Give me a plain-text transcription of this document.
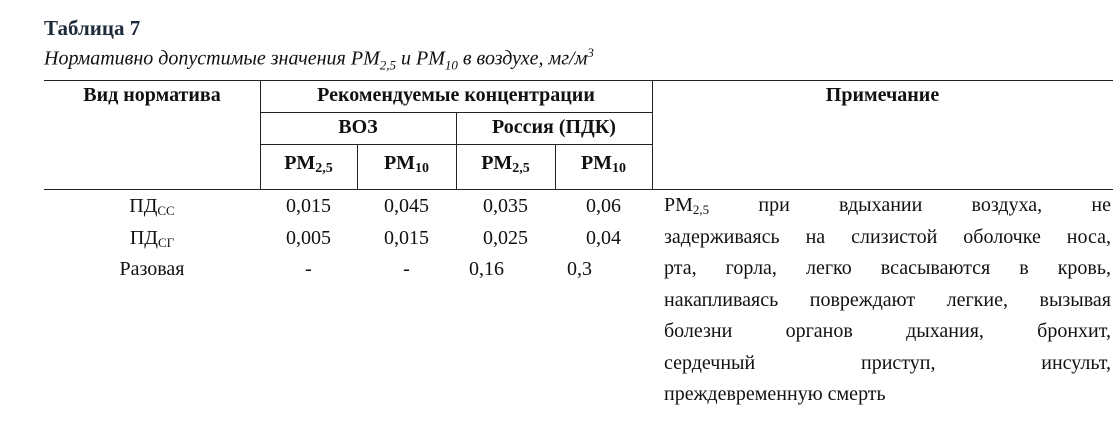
Таблица 7
Нормативно допустимые значения $PM_{2,5}$ и $PM_{10}$ в воздухе, $мг/м^3$
Вид норматива	Рекомендуемые концентрации	Примечание
ВОЗ	Россия (ПДК)
PM2,5	PM10	PM2,5	PM10
ПДСС	0,015	0,045	0,035	0,06
ПДСГ	0,005	0,015	0,025	0,04
Разовая	-	-	0,16	0,3
PM2,5 при вдыхании воздуха, не
задерживаясь на слизистой оболочке носа,
рта, горла, легко всасываются в кровь,
накапливаясь повреждают легкие, вызывая
болезни органов дыхания, бронхит,
сердечный приступ, инсульт,
преждевременную смерть
